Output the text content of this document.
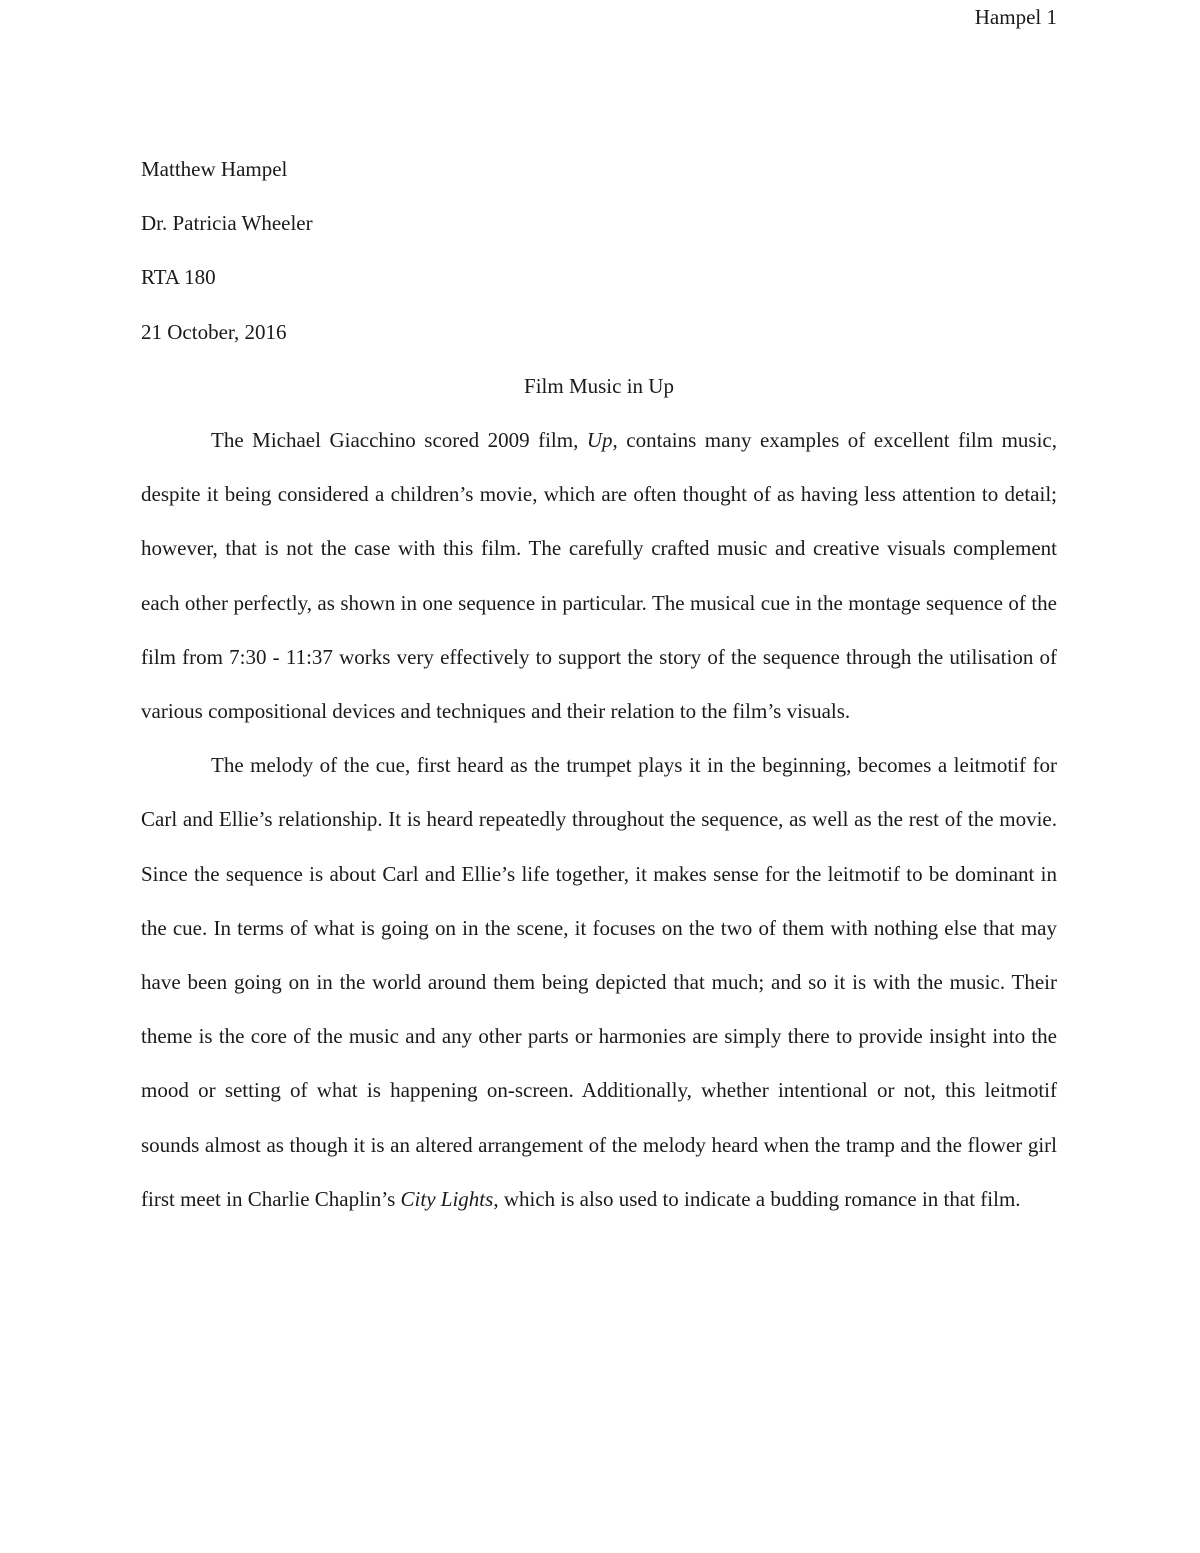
Hampel 1

Matthew Hampel

Dr. Patricia Wheeler

RTA 180

21 October, 2016

Film Music in Up

The Michael Giacchino scored 2009 film, Up, contains many examples of excellent film music, despite it being considered a children’s movie, which are often thought of as having less attention to detail; however, that is not the case with this film. The carefully crafted music and creative visuals complement each other perfectly, as shown in one sequence in particular. The musical cue in the montage sequence of the film from 7:30 - 11:37 works very effectively to support the story of the sequence through the utilisation of various compositional devices and techniques and their relation to the film’s visuals.

The melody of the cue, first heard as the trumpet plays it in the beginning, becomes a leitmotif for Carl and Ellie’s relationship. It is heard repeatedly throughout the sequence, as well as the rest of the movie. Since the sequence is about Carl and Ellie’s life together, it makes sense for the leitmotif to be dominant in the cue. In terms of what is going on in the scene, it focuses on the two of them with nothing else that may have been going on in the world around them being depicted that much; and so it is with the music. Their theme is the core of the music and any other parts or harmonies are simply there to provide insight into the mood or setting of what is happening on-screen. Additionally, whether intentional or not, this leitmotif sounds almost as though it is an altered arrangement of the melody heard when the tramp and the flower girl first meet in Charlie Chaplin’s City Lights, which is also used to indicate a budding romance in that film.
